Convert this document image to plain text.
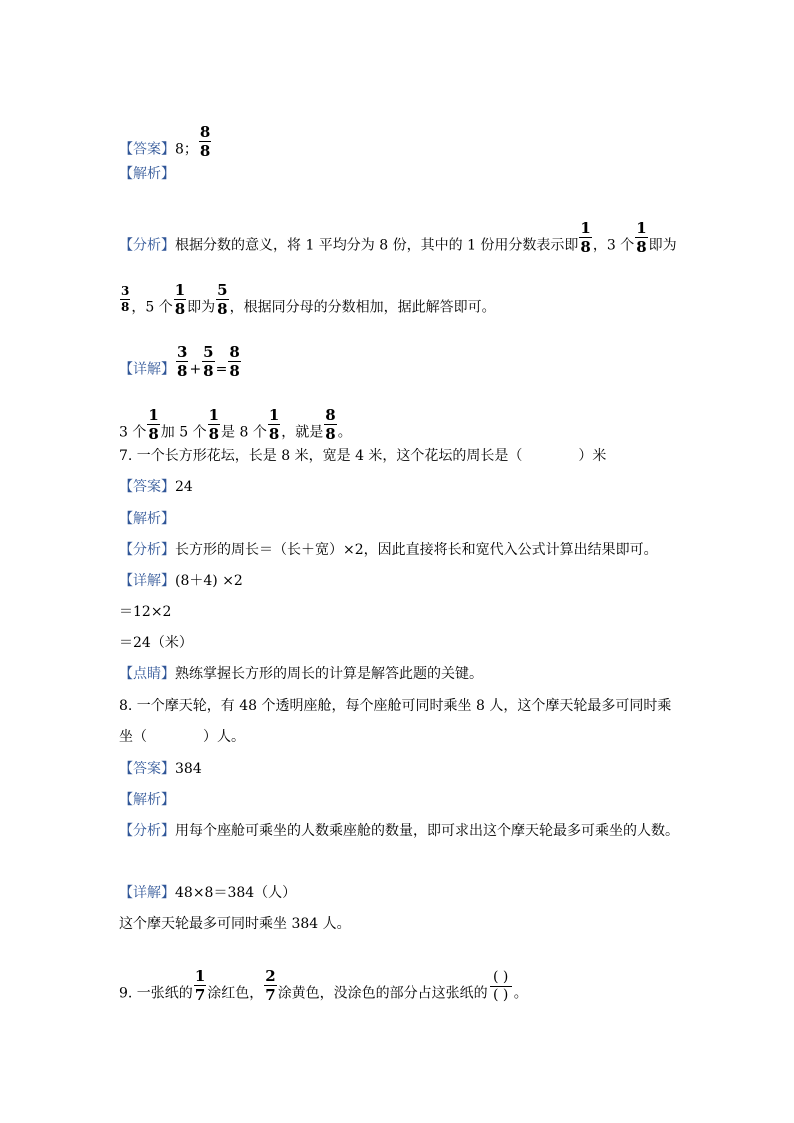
【答案】8； $\frac{8}{8}$
【解析】
【分析】根据分数的意义，将 1 平均分为 8 份，其中的 1 份用分数表示即 $\frac{1}{8}$ ，3 个 $\frac{1}{8}$ 即为
$\frac{3}{8}$ ，5 个 $\frac{1}{8}$ 即为 $\frac{5}{8}$ ，根据同分母的分数相加，据此解答即可。
【详解】 $\frac{3}{8} + \frac{5}{8} = \frac{8}{8}$
3 个 $\frac{1}{8}$ 加 5 个 $\frac{1}{8}$ 是 8 个 $\frac{1}{8}$ ，就是 $\frac{8}{8}$ 。
7. 一个长方形花坛，长是 8 米，宽是 4 米，这个花坛的周长是（　　　　）米
【答案】24
【解析】
【分析】长方形的周长＝（长＋宽）×2，因此直接将长和宽代入公式计算出结果即可。
【详解】(8＋4) ×2
＝12×2
＝24（米）
【点睛】熟练掌握长方形的周长的计算是解答此题的关键。
8. 一个摩天轮，有 48 个透明座舱，每个座舱可同时乘坐 8 人，这个摩天轮最多可同时乘
坐（　　　　）人。
【答案】384
【解析】
【分析】用每个座舱可乘坐的人数乘座舱的数量，即可求出这个摩天轮最多可乘坐的人数。
【详解】48×8＝384（人）
这个摩天轮最多可同时乘坐 384 人。
9. 一张纸的 $\frac{1}{7}$ 涂红色， $\frac{2}{7}$ 涂黄色，没涂色的部分占这张纸的( )
( ) 。
